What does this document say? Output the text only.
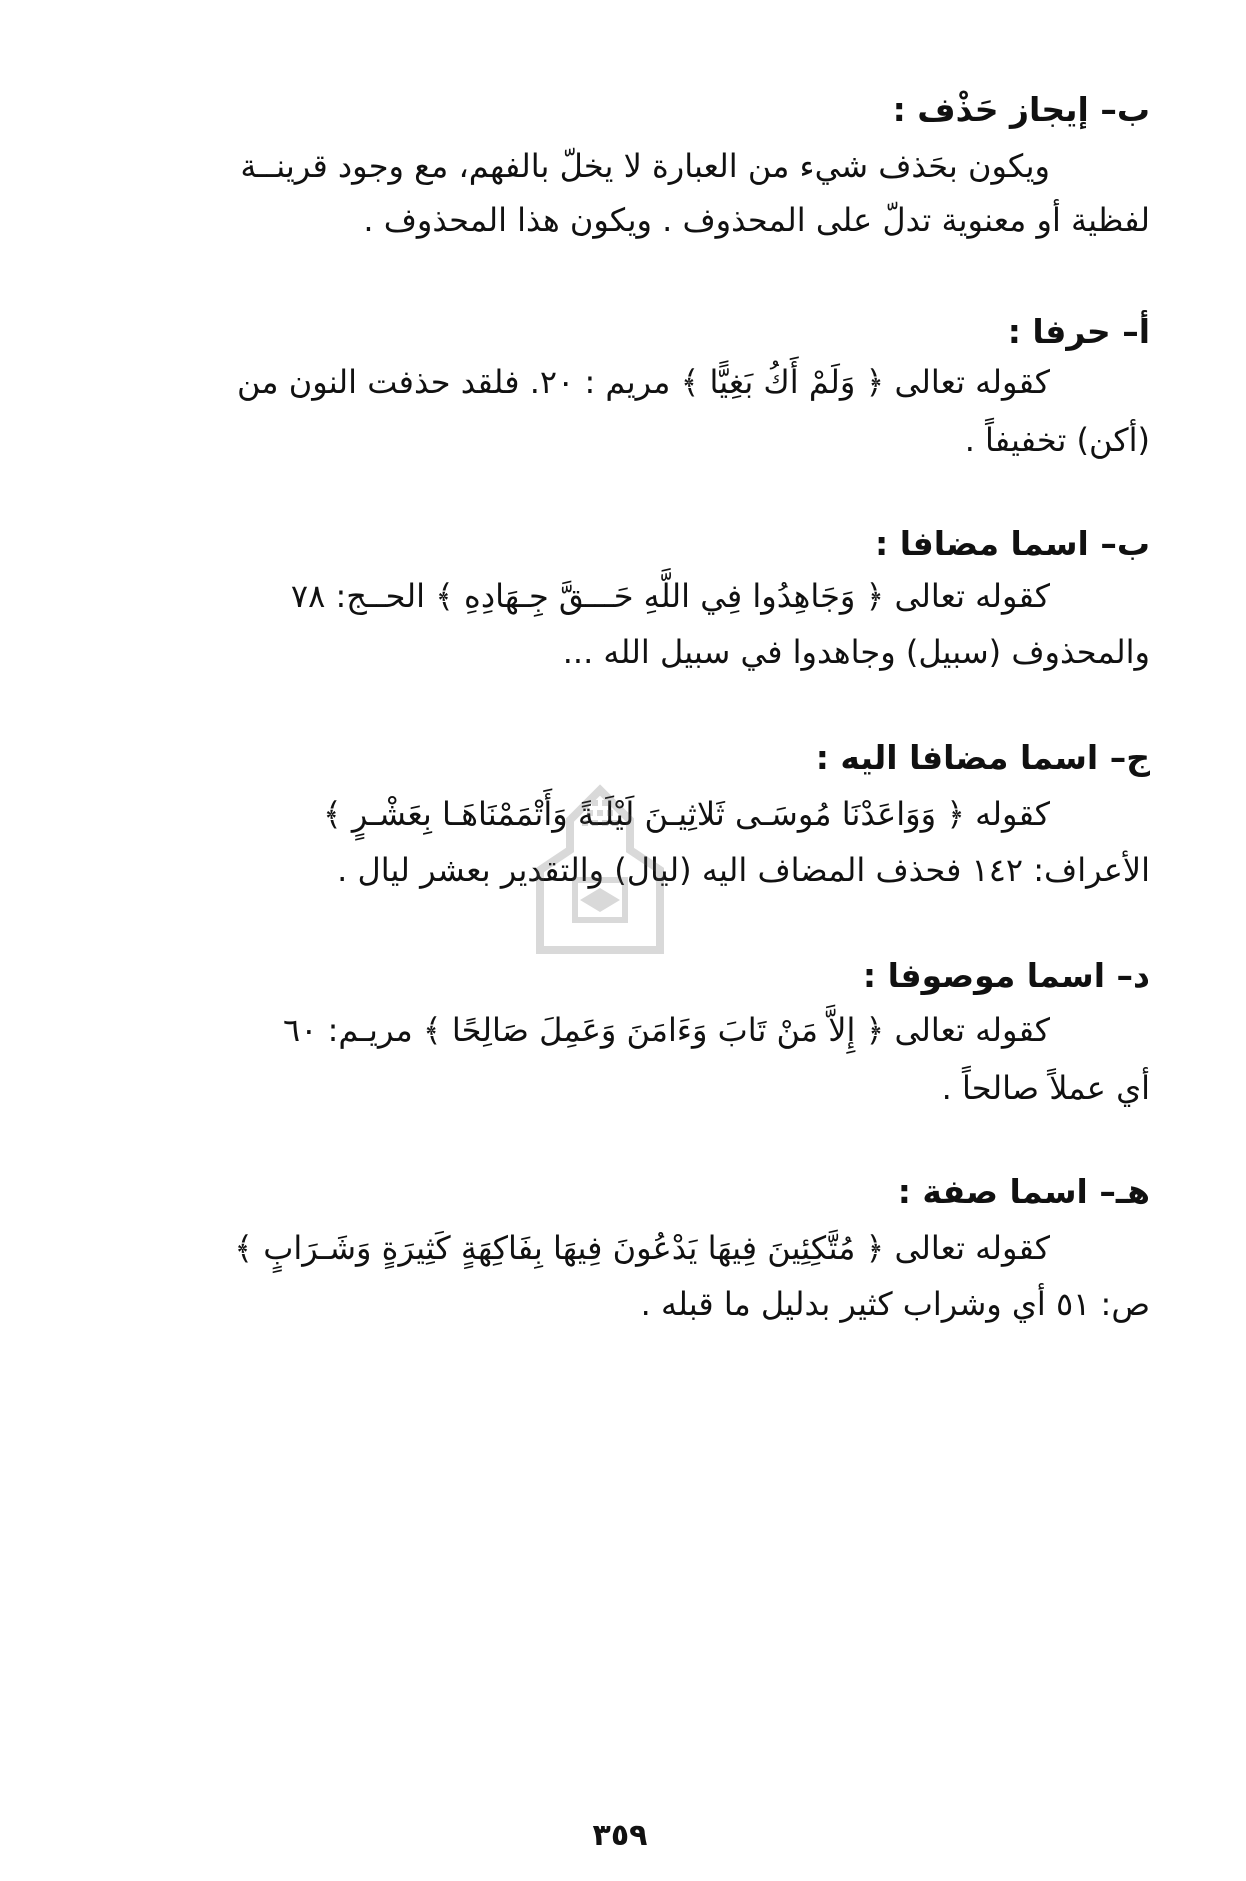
ب– إيجاز حَذْف :
ويكون بحَذف شيء من العبارة لا يخلّ بالفهم، مع وجود قرينــة
لفظية أو معنوية تدلّ على المحذوف . ويكون هذا المحذوف .
أ– حرفا :
كقوله تعالى ﴿ وَلَمْ أَكُ بَغِيًّا ﴾ مريم : ٢٠. فلقد حذفت النون من
(أكن) تخفيفاً .
ب– اسما مضافا :
كقوله تعالى ﴿ وَجَاهِدُوا فِي اللَّهِ حَـــقَّ جِـهَادِهِ ﴾ الحــج: ٧٨
والمحذوف (سبيل) وجاهدوا في سبيل الله ...
ج– اسما مضافا اليه :
كقوله ﴿ وَوَاعَدْنَا مُوسَـى ثَلاثِيـنَ لَيْلَـةً وَأَتْمَمْنَاهَـا بِعَشْـرٍ ﴾
الأعراف: ١٤٢ فحذف المضاف اليه (ليال) والتقدير بعشر ليال .
د– اسما موصوفا :
كقوله تعالى ﴿ إِلاَّ مَنْ تَابَ وَءَامَنَ وَعَمِلَ صَالِحًا ﴾ مريـم: ٦٠
أي عملاً صالحاً .
هـ– اسما صفة :
كقوله تعالى ﴿ مُتَّكِئِينَ فِيهَا يَدْعُونَ فِيهَا بِفَاكِهَةٍ كَثِيرَةٍ وَشَـرَابٍ ﴾
ص: ٥١ أي وشراب كثير بدليل ما قبله .
٣٥٩
